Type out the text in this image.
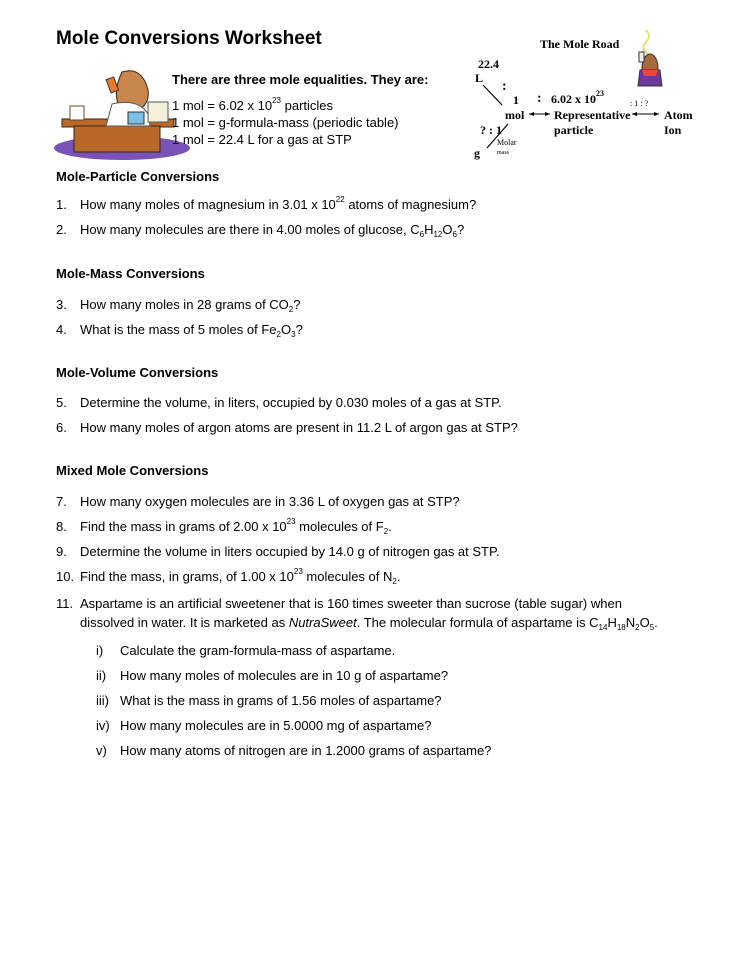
Mole Conversions Worksheet
There are three mole equalities. They are:
1 mol = 6.02 x $10^{23}$ particles
1 mol = g-formula-mass (periodic table)
1 mol = 22.4 L for a gas at STP
The Mole Road
22.4
L
:
1
mol
: 6.02 x $10^{23}$
Representative
particle
: 1 : ?
Atom
Ion
? : 1
g
Molar
mass
Mole-Particle Conversions
1. How many moles of magnesium in 3.01 x $10^{22}$ atoms of magnesium?
2. How many molecules are there in 4.00 moles of glucose, $C_6H_{12}O_6$?
Mole-Mass Conversions
3. How many moles in 28 grams of $CO_2$?
4. What is the mass of 5 moles of $Fe_2O_3$?
Mole-Volume Conversions
5. Determine the volume, in liters, occupied by 0.030 moles of a gas at STP.
6. How many moles of argon atoms are present in 11.2 L of argon gas at STP?
Mixed Mole Conversions
7. How many oxygen molecules are in 3.36 L of oxygen gas at STP?
8. Find the mass in grams of 2.00 x $10^{23}$ molecules of $F_2$.
9. Determine the volume in liters occupied by 14.0 g of nitrogen gas at STP.
10. Find the mass, in grams, of 1.00 x $10^{23}$ molecules of $N_2$.
11. Aspartame is an artificial sweetener that is 160 times sweeter than sucrose (table sugar) when
dissolved in water. It is marketed as NutraSweet. The molecular formula of aspartame is $C_{14}H_{18}N_2O_5$.
i) Calculate the gram-formula-mass of aspartame.
ii) How many moles of molecules are in 10 g of aspartame?
iii) What is the mass in grams of 1.56 moles of aspartame?
iv) How many molecules are in 5.0000 mg of aspartame?
v) How many atoms of nitrogen are in 1.2000 grams of aspartame?
